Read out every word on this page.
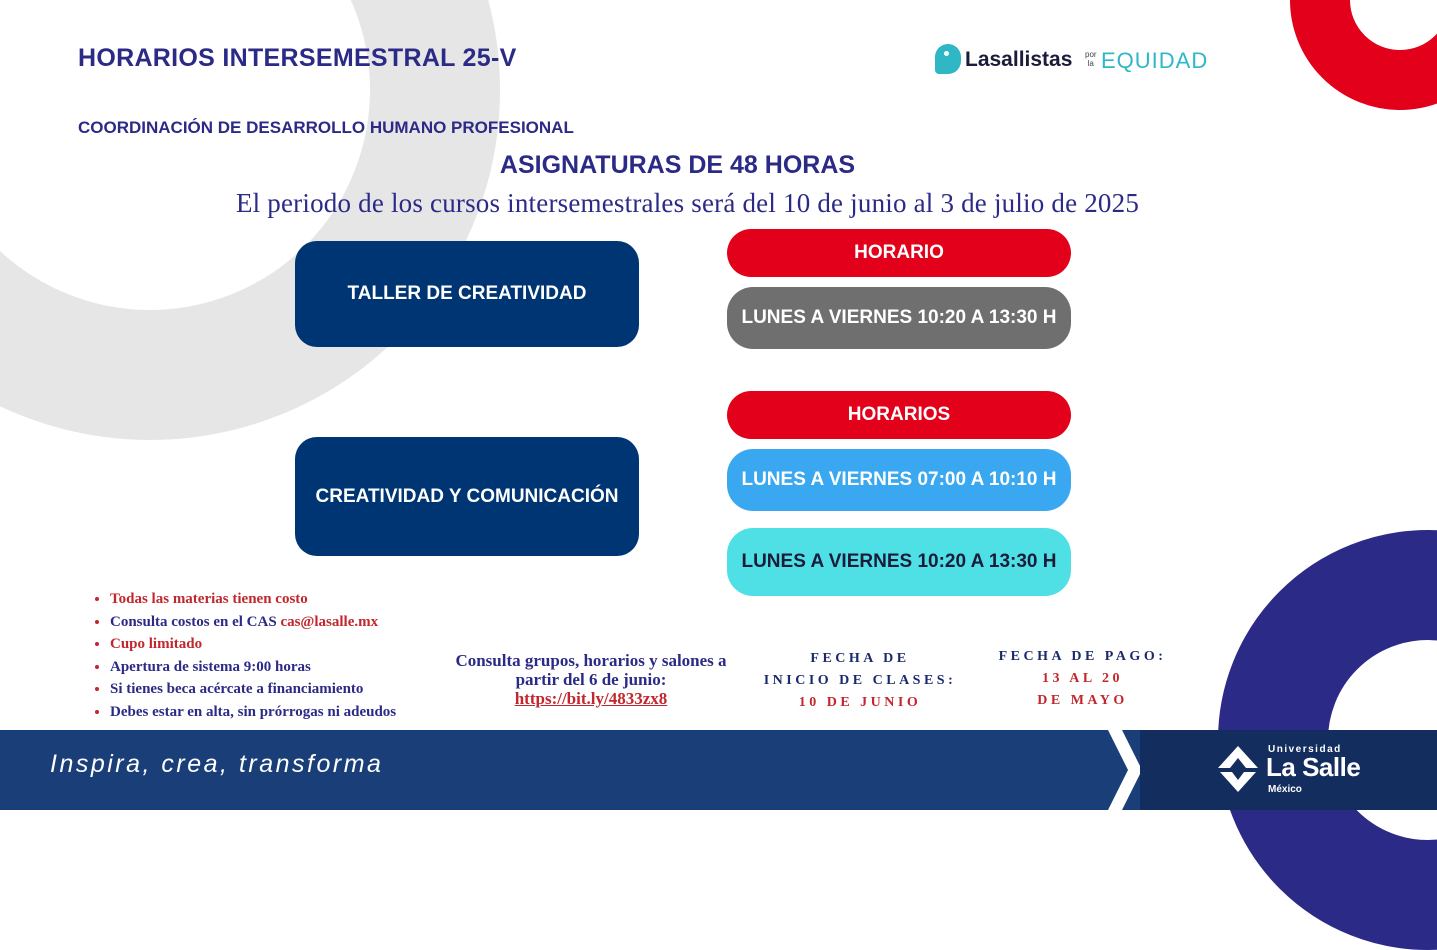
HORARIOS INTERSEMESTRAL 25-V
COORDINACIÓN DE DESARROLLO HUMANO PROFESIONAL
ASIGNATURAS DE 48 HORAS

El periodo de los cursos intersemestrales será del 10 de junio al 3 de julio de 2025

Lasallistas por
la EQUIDAD
TALLER DE CREATIVIDAD
CREATIVIDAD Y COMUNICACIÓN
HORARIO
LUNES A VIERNES 10:20 A 13:30 H
HORARIOS
LUNES A VIERNES 07:00 A 10:10 H
LUNES A VIERNES 10:20 A 13:30 H
• Todas las materias tienen costo
• Consulta costos en el CAS cas@lasalle.mx
• Cupo limitado
• Apertura de sistema 9:00 horas
• Si tienes beca acércate a financiamiento
• Debes estar en alta, sin prórrogas ni adeudos
Consulta grupos, horarios y salones a partir del 6 de junio:
https://bit.ly/4833zx8
FECHA DE
INICIO DE CLASES:
10 DE JUNIO
FECHA DE PAGO:
13 AL 20
DE MAYO
Inspira, crea, transforma
Universidad
La Salle
México
